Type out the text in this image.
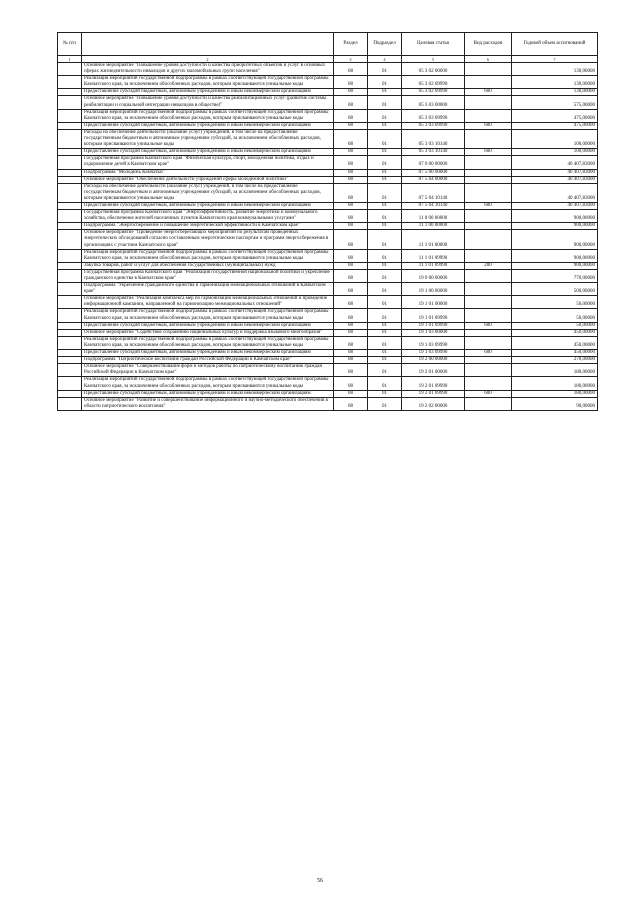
№ п/п		Раздел	Подраздел	Целевая статья	Вид расходов	Годовой объем ассигнований
1	2	3	4	5	6	7
	Основное мероприятие "Повышение уровня доступности и качества приоритетных объектов и услуг в основных сферах жизнедеятельности инвалидов и других маломобильных групп населения"	08	01	05 3 02 00000		130,00000
	Реализация мероприятий государственной подпрограммы в рамках соответствующей государственной программы Камчатского края, за исключением обособленных расходов, которым присваиваются уникальные коды	08	01	05 3 02 09990		130,00000
	Предоставление субсидий бюджетным, автономным учреждениям и иным некоммерческим организациям	08	01	05 3 02 09990	600	130,00000
	Основное мероприятие "Повышение уровня доступности и качества реабилитационных услуг (развитие системы реабилитации и социальной интеграции инвалидов в обществе)"	08	01	05 3 03 00000		575,00000
	Реализация мероприятий государственной подпрограммы в рамках соответствующей государственной программы Камчатского края, за исключением обособленных расходов, которым присваиваются уникальные коды	08	01	05 3 03 09990		475,00000
	Предоставление субсидий бюджетным, автономным учреждениям и иным некоммерческим организациям	08	01	05 3 03 09990	600	475,00000
	Расходы на обеспечение деятельности (оказание услуг) учреждений, в том числе на предоставление государственным бюджетным и автономным учреждениям субсидий, за исключением обособленных расходов, которым присваиваются уникальные коды	08	01	05 3 03 10140		100,00000
	Предоставление субсидий бюджетным, автономным учреждениям и иным некоммерческим организациям	08	01	05 3 03 10140	600	100,00000
	Государственная программа Камчатского края "Физическая культура, спорт, молодежная политика, отдых и оздоровление детей в Камчатском крае"	08	01	07 0 00 00000		40 407,83000
	Подпрограмма "Молодежь Камчатки"	08	01	07 5 00 00000		40 407,83000
	Основное мероприятие "Обеспечение деятельности учреждений сферы молодежной политики"	08	01	07 5 04 00000		40 407,83000
	Расходы на обеспечение деятельности (оказание услуг) учреждений, в том числе на предоставление государственным бюджетным и автономным учреждениям субсидий, за исключением обособленных расходов, которым присваиваются уникальные коды	08	01	07 5 04 10140		40 407,83000
	Предоставление субсидий бюджетным, автономным учреждениям и иным некоммерческим организациям	08	01	07 5 04 10140	600	40 407,83000
	Государственная программа Камчатского края "Энергоэффективность, развитие энергетики и коммунального хозяйства, обеспечение жителей населенных пунктов Камчатского края коммунальными услугами"	08	01	11 0 00 00000		900,00000
	Подпрограмма "Энергосбережение и повышение энергетической эффективности в Камчатском крае"	08	01	11 1 00 00000		900,00000
	Основное мероприятие "Проведение энергосберегающих мероприятий по результатам проведенных энергетических обследований согласно составленным энергетическим паспортам и программ энергосбережения в организациях с участием Камчатского края"	08	01	11 1 01 00000		900,00000
	Реализация мероприятий государственной подпрограммы в рамках соответствующей государственной программы Камчатского края, за исключением обособленных расходов, которым присваиваются уникальные коды	08	01	11 1 01 09990		900,00000
	Закупка товаров, работ и услуг для обеспечения государственных (муниципальных) нужд	08	01	11 1 01 09990	200	900,00000
	Государственная программа Камчатского края "Реализация государственной национальной политики и укрепление гражданского единства в Камчатском крае"	08	01	19 0 00 00000		770,00000
	Подпрограмма "Укрепление гражданского единства и гармонизация межнациональных отношений в Камчатском крае"	08	01	19 1 00 00000		500,00000
	Основное мероприятие "Реализация комплекса мер по гармонизации межнациональных отношений и проведение информационной кампании, направленной на гармонизацию межнациональных отношений"	08	01	19 1 01 00000		50,00000
	Реализация мероприятий государственной подпрограммы в рамках соответствующей государственной программы Камчатского края, за исключением обособленных расходов, которым присваиваются уникальные коды	08	01	19 1 01 09990		50,00000
	Предоставление субсидий бюджетным, автономным учреждениям и иным некоммерческим организациям	08	01	19 1 01 09990	600	50,00000
	Основное мероприятие "Содействие сохранению национальных культур и поддержка языкового многообразия"	08	01	19 1 03 00000		450,00000
	Реализация мероприятий государственной подпрограммы в рамках соответствующей государственной программы Камчатского края, за исключением обособленных расходов, которым присваиваются уникальные коды	08	01	19 1 03 09990		450,00000
	Предоставление субсидий бюджетным, автономным учреждениям и иным некоммерческим организациям	08	01	19 1 03 09990	600	450,00000
	Подпрограмма "Патриотическое воспитание граждан Российской Федерации в Камчатском крае"	08	01	19 2 00 00000		270,00000
	Основное мероприятие "Совершенствование форм и методов работы по патриотическому воспитанию граждан Российской Федерации в Камчатском крае"	08	01	19 2 01 00000		180,00000
	Реализация мероприятий государственной подпрограммы в рамках соответствующей государственной программы Камчатского края, за исключением обособленных расходов, которым присваиваются уникальные коды	08	01	19 2 01 09990		180,00000
	Предоставление субсидий бюджетным, автономным учреждениям и иным некоммерческим организациям	08	01	19 2 01 09990	600	180,00000
	Основное мероприятие "Развитие и совершенствование информационного и научно-методического обеспечения в области патриотического воспитания"	08	01	19 2 02 00000		90,00000
56
